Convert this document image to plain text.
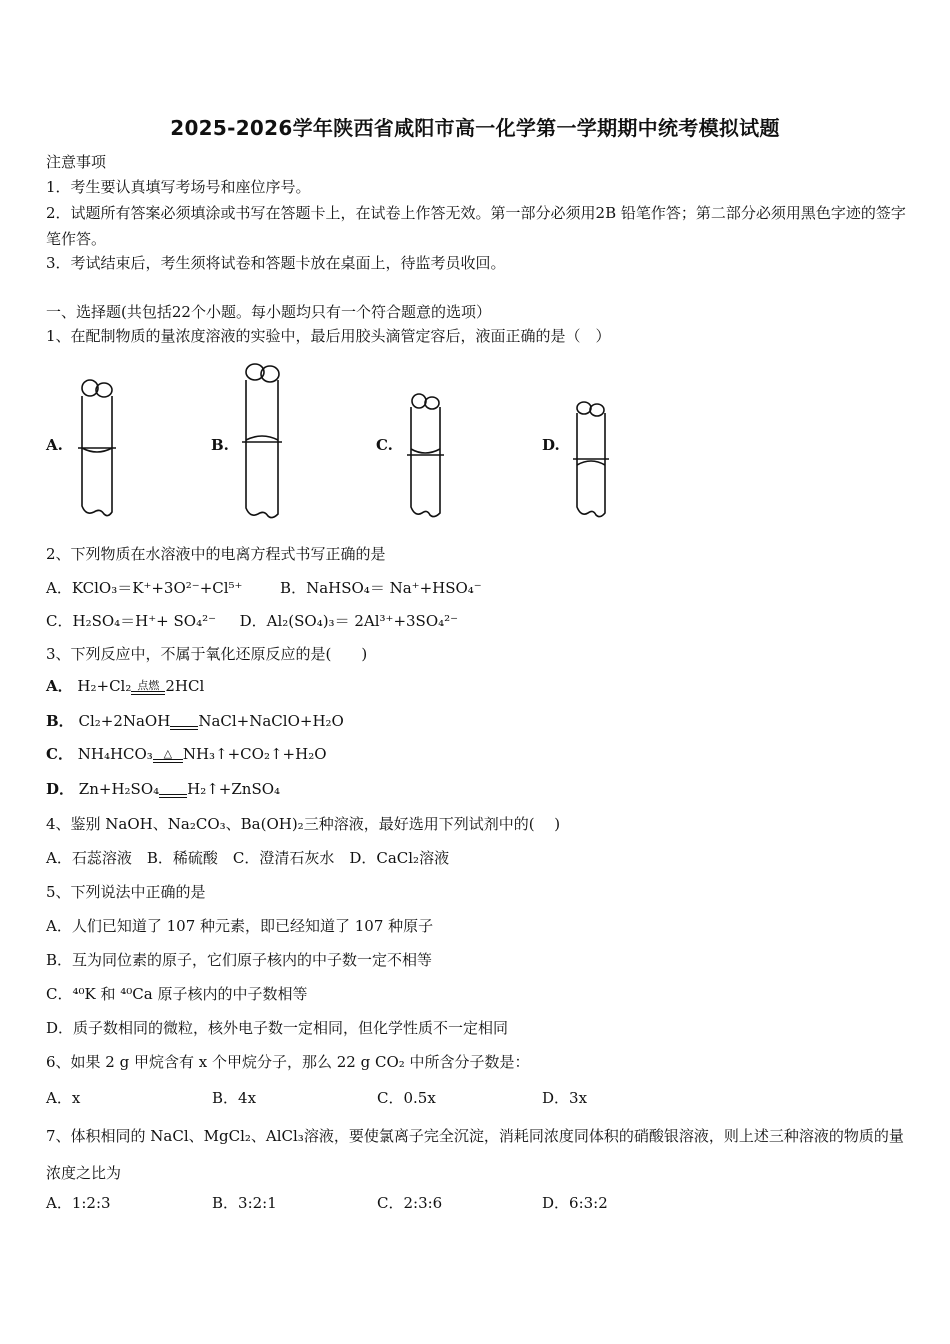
2025-2026学年陕西省咸阳市高一化学第一学期期中统考模拟试题
注意事项
1．考生要认真填写考场号和座位序号。
2．试题所有答案必须填涂或书写在答题卡上，在试卷上作答无效。第一部分必须用2B 铅笔作答；第二部分必须用黑色字迹的签字笔作答。
3．考试结束后，考生须将试卷和答题卡放在桌面上，待监考员收回。
一、选择题(共包括22个小题。每小题均只有一个符合题意的选项）
1、在配制物质的量浓度溶液的实验中，最后用胶头滴管定容后，液面正确的是（　）
A.	B.	C.	D.
2、下列物质在水溶液中的电离方程式书写正确的是
A．KClO₃＝K⁺+3O²⁻+Cl⁵⁺	B．NaHSO₄＝ Na⁺+HSO₄⁻
C．H₂SO₄＝H⁺+ SO₄²⁻ D．Al₂(SO₄)₃＝ 2Al³⁺+3SO₄²⁻
3、下列反应中，不属于氧化还原反应的是(　　)
A． H₂+Cl₂ 点燃 2HCl
B． Cl₂+2NaOH NaCl+NaClO+H₂O
C． NH₄HCO₃ △ NH₃↑+CO₂↑+H₂O
D． Zn+H₂SO₄ H₂↑+ZnSO₄
4、鉴别 NaOH、Na₂CO₃、Ba(OH)₂三种溶液，最好选用下列试剂中的(　 )
A．石蕊溶液　B．稀硫酸　C．澄清石灰水　D．CaCl₂溶液
5、下列说法中正确的是
A．人们已知道了 107 种元素，即已经知道了 107 种原子
B．互为同位素的原子，它们原子核内的中子数一定不相等
C．⁴⁰K 和 ⁴⁰Ca 原子核内的中子数相等
D．质子数相同的微粒，核外电子数一定相同，但化学性质不一定相同
6、如果 2 g 甲烷含有 x 个甲烷分子，那么 22 g CO₂ 中所含分子数是：
A．x	B．4x	C．0.5x	D．3x
7、体积相同的 NaCl、MgCl₂、AlCl₃溶液，要使氯离子完全沉淀，消耗同浓度同体积的硝酸银溶液，则上述三种溶液的物质的量浓度之比为
A．1:2:3	B．3:2:1	C．2:3:6	D．6:3:2
